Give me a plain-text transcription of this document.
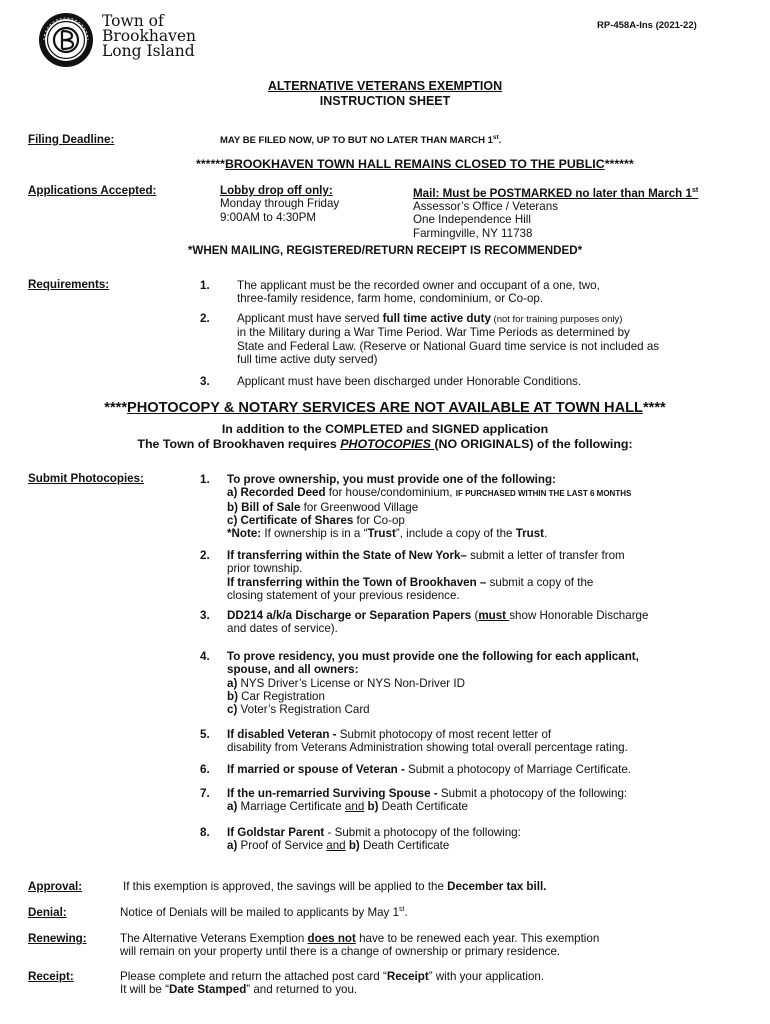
Town of
Brookhaven
Long Island
RP-458A-Ins (2021-22)
ALTERNATIVE VETERANS EXEMPTION
INSTRUCTION SHEET
Filing Deadline:	MAY BE FILED NOW, UP TO BUT NO LATER THAN MARCH 1st.
******BROOKHAVEN TOWN HALL REMAINS CLOSED TO THE PUBLIC******
Applications Accepted:	Lobby drop off only:
Monday through Friday
9:00AM to 4:30PM
Mail: Must be POSTMARKED no later than March 1st
Assessor’s Office / Veterans
One Independence Hill
Farmingville, NY 11738
*WHEN MAILING, REGISTERED/RETURN RECEIPT IS RECOMMENDED*
Requirements:	1. The applicant must be the recorded owner and occupant of a one, two,
three-family residence, farm home, condominium, or Co-op.
2. Applicant must have served full time active duty (not for training purposes only)
in the Military during a War Time Period. War Time Periods as determined by
State and Federal Law. (Reserve or National Guard time service is not included as
full time active duty served)
3. Applicant must have been discharged under Honorable Conditions.
****PHOTOCOPY & NOTARY SERVICES ARE NOT AVAILABLE AT TOWN HALL****
In addition to the COMPLETED and SIGNED application
The Town of Brookhaven requires PHOTOCOPIES (NO ORIGINALS) of the following:
Submit Photocopies:	1. To prove ownership, you must provide one of the following:
a) Recorded Deed for house/condominium, IF PURCHASED WITHIN THE LAST 6 MONTHS
b) Bill of Sale for Greenwood Village
c) Certificate of Shares for Co-op
*Note: If ownership is in a “Trust”, include a copy of the Trust.
2. If transferring within the State of New York– submit a letter of transfer from
prior township.
If transferring within the Town of Brookhaven – submit a copy of the
closing statement of your previous residence.
3. DD214 a/k/a Discharge or Separation Papers (must show Honorable Discharge
and dates of service).
4. To prove residency, you must provide one the following for each applicant,
spouse, and all owners:
a) NYS Driver’s License or NYS Non-Driver ID
b) Car Registration
c) Voter’s Registration Card
5. If disabled Veteran - Submit photocopy of most recent letter of
disability from Veterans Administration showing total overall percentage rating.
6. If married or spouse of Veteran - Submit a photocopy of Marriage Certificate.
7. If the un-remarried Surviving Spouse - Submit a photocopy of the following:
a) Marriage Certificate and b) Death Certificate
8. If Goldstar Parent - Submit a photocopy of the following:
a) Proof of Service and b) Death Certificate
Approval:	If this exemption is approved, the savings will be applied to the December tax bill.
Denial:	Notice of Denials will be mailed to applicants by May 1st.
Renewing:	The Alternative Veterans Exemption does not have to be renewed each year. This exemption
will remain on your property until there is a change of ownership or primary residence.
Receipt:	Please complete and return the attached post card “Receipt” with your application.
It will be “Date Stamped” and returned to you.
